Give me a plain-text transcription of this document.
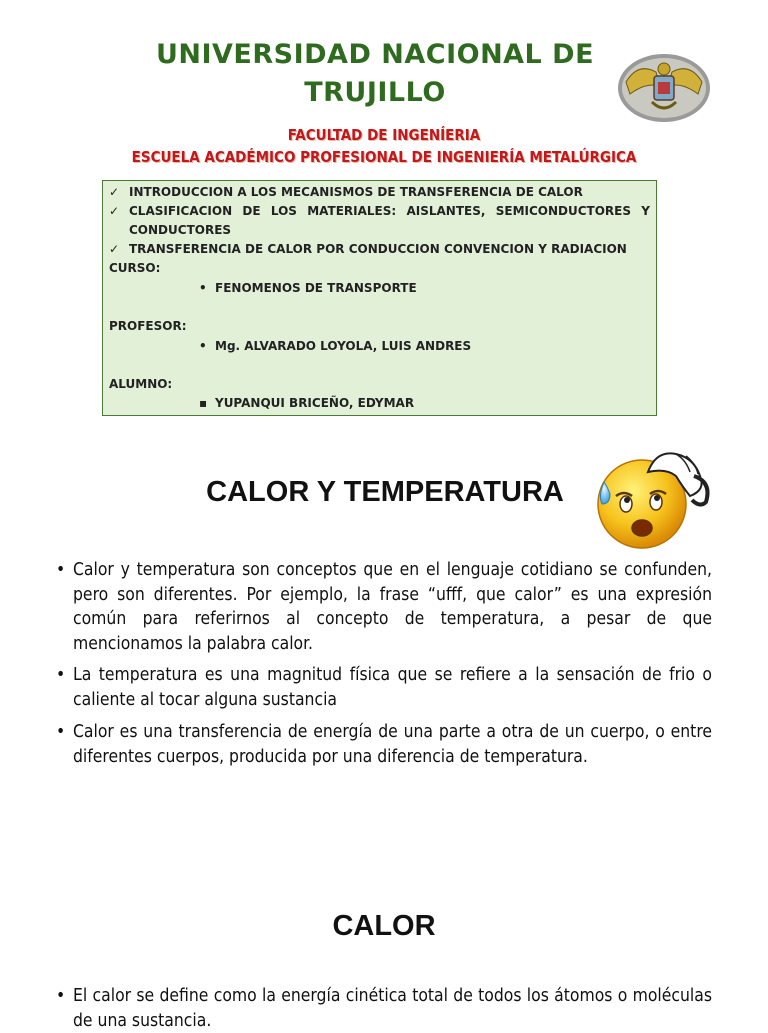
UNIVERSIDAD NACIONAL DE
TRUJILLO
FACULTAD DE INGENÍERIA
ESCUELA ACADÉMICO PROFESIONAL DE INGENIERÍA METALÚRGICA
✓ INTRODUCCION A LOS MECANISMOS DE TRANSFERENCIA DE CALOR
✓ CLASIFICACION DE LOS MATERIALES: AISLANTES, SEMICONDUCTORES Y
CONDUCTORES
✓ TRANSFERENCIA DE CALOR POR CONDUCCION CONVENCION Y RADIACION
CURSO:
• FENOMENOS DE TRANSPORTE
PROFESOR:
• Mg. ALVARADO LOYOLA, LUIS ANDRES
ALUMNO:
▪ YUPANQUI BRICEÑO, EDYMAR
CALOR Y TEMPERATURA
• Calor y temperatura son conceptos que en el lenguaje cotidiano se confunden, pero son diferentes. Por ejemplo, la frase “ufff, que calor” es una expresión común para referirnos al concepto de temperatura, a pesar de que mencionamos la palabra calor.
• La temperatura es una magnitud física que se refiere a la sensación de frio o caliente al tocar alguna sustancia
• Calor es una transferencia de energía de una parte a otra de un cuerpo, o entre diferentes cuerpos, producida por una diferencia de temperatura.
CALOR
• El calor se define como la energía cinética total de todos los átomos o moléculas de una sustancia.
